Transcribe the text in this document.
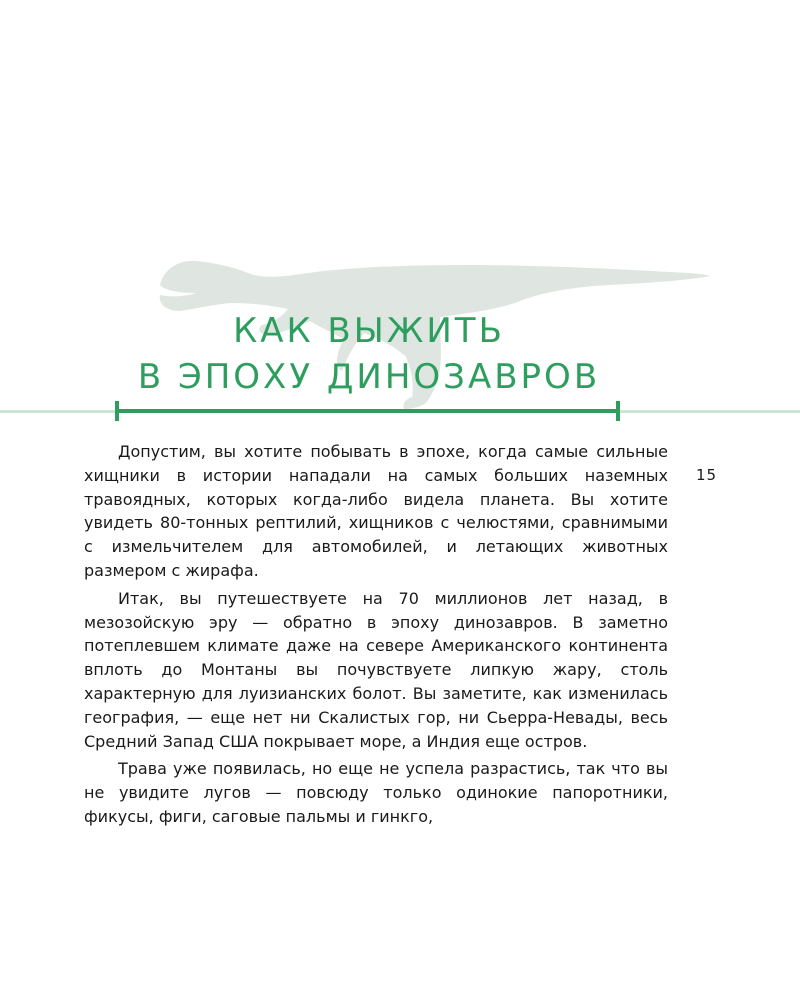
КАК ВЫЖИТЬ
В ЭПОХУ ДИНОЗАВРОВ
15

Допустим, вы хотите побывать в эпохе, когда самые сильные хищники в истории нападали на самых больших наземных травоядных, которых когда-либо видела планета. Вы хотите увидеть 80-тонных рептилий, хищников с челюстями, сравнимыми с измельчителем для автомобилей, и летающих животных размером с жирафа.

Итак, вы путешествуете на 70 миллионов лет назад, в мезозойскую эру — обратно в эпоху динозавров. В заметно потеплевшем климате даже на севере Американского континента вплоть до Монтаны вы почувствуете липкую жару, столь характерную для луизианских болот. Вы заметите, как изменилась география, — еще нет ни Скалистых гор, ни Сьерра-Невады, весь Средний Запад США покрывает море, а Индия еще остров.

Трава уже появилась, но еще не успела разрастись, так что вы не увидите лугов — повсюду только одинокие папоротники, фикусы, фиги, саговые пальмы и гинкго,
